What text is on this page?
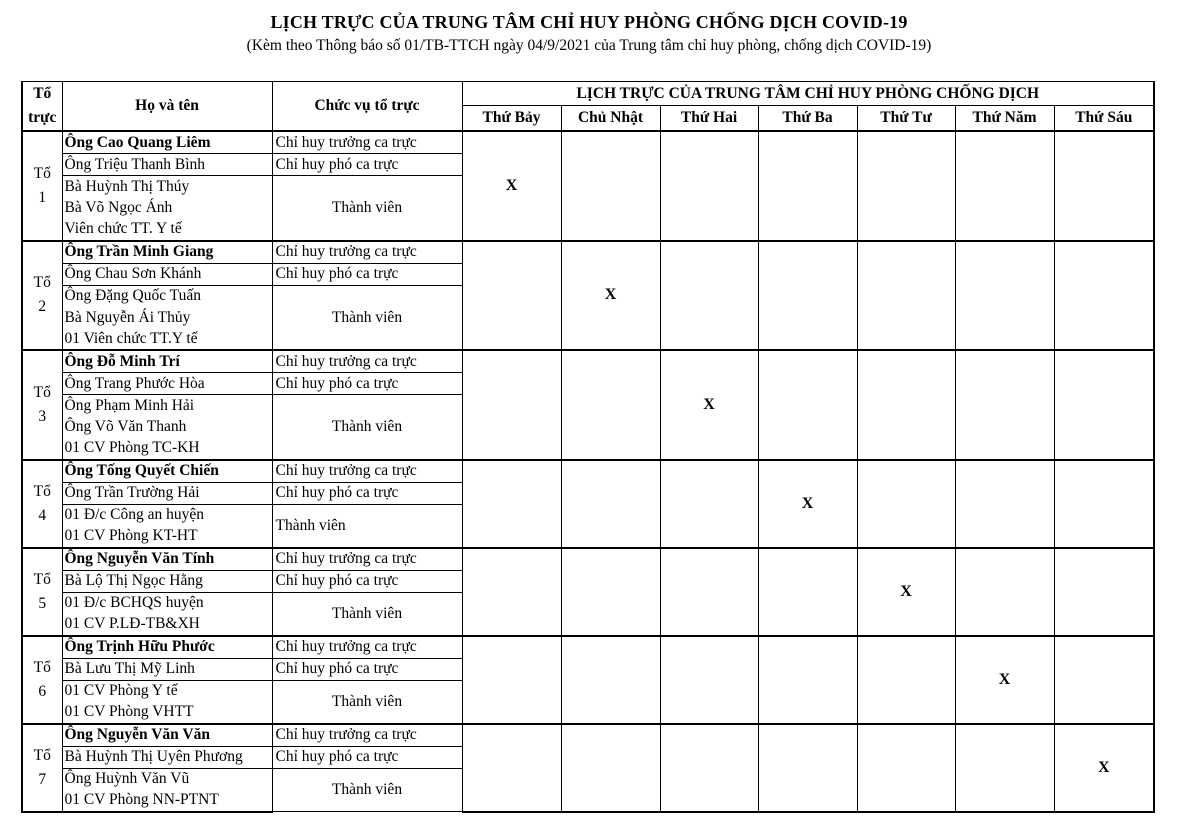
LỊCH TRỰC CỦA TRUNG TÂM CHỈ HUY PHÒNG CHỐNG DỊCH COVID-19
(Kèm theo Thông báo số 01/TB-TTCH ngày 04/9/2021 của Trung tâm chỉ huy phòng, chống dịch COVID-19)
Tổ
trực	Họ và tên	Chức vụ tổ trực	LỊCH TRỰC CỦA TRUNG TÂM CHỈ HUY PHÒNG CHỐNG DỊCH						
			Thứ Bảy	Chủ Nhật	Thứ Hai	Thứ Ba	Thứ Tư	Thứ Năm	Thứ Sáu

Tổ
1	Ông Cao Quang Liêm	Chỉ huy trưởng ca trực	X						
	Ông Triệu Thanh Bình	Chỉ huy phó ca trực							
	Bà Huỳnh Thị Thúy	Thành viên							
	Bà Võ Ngọc Ánh								
	Viên chức TT. Y tế								

Tổ
2	Ông Trần Minh Giang	Chỉ huy trưởng ca trực		X					
	Ông Chau Sơn Khánh	Chỉ huy phó ca trực							
	Ông Đặng Quốc Tuấn	Thành viên							
	Bà Nguyễn Ái Thủy								
	01 Viên chức TT.Y tế								

Tổ
3	Ông Đỗ Minh Trí	Chỉ huy trưởng ca trực			X				
	Ông Trang Phước Hòa	Chỉ huy phó ca trực							
	Ông Phạm Minh Hải	Thành viên							
	Ông Võ Văn Thanh								
	01 CV Phòng TC-KH								

Tổ
4	Ông Tống Quyết Chiến	Chỉ huy trưởng ca trực				X			
	Ông Trần Trường Hải	Chỉ huy phó ca trực							
	01 Đ/c Công an huyện	Thành viên							
	01 CV Phòng KT-HT								

Tổ
5	Ông Nguyễn Văn Tính	Chỉ huy trưởng ca trực					X		
	Bà Lộ Thị Ngọc Hằng	Chỉ huy phó ca trực							
	01 Đ/c BCHQS huyện	Thành viên							
	01 CV P.LĐ-TB&XH								

Tổ
6	Ông Trịnh Hữu Phước	Chỉ huy trưởng ca trực						X	
	Bà Lưu Thị Mỹ Linh	Chỉ huy phó ca trực							
	01 CV Phòng Y tế	Thành viên							
	01 CV Phòng VHTT								

Tổ
7	Ông Nguyễn Văn Văn	Chỉ huy trưởng ca trực							X
	Bà Huỳnh Thị Uyên Phương	Chỉ huy phó ca trực							
	Ông Huỳnh Văn Vũ	Thành viên							
	01 CV Phòng NN-PTNT								
